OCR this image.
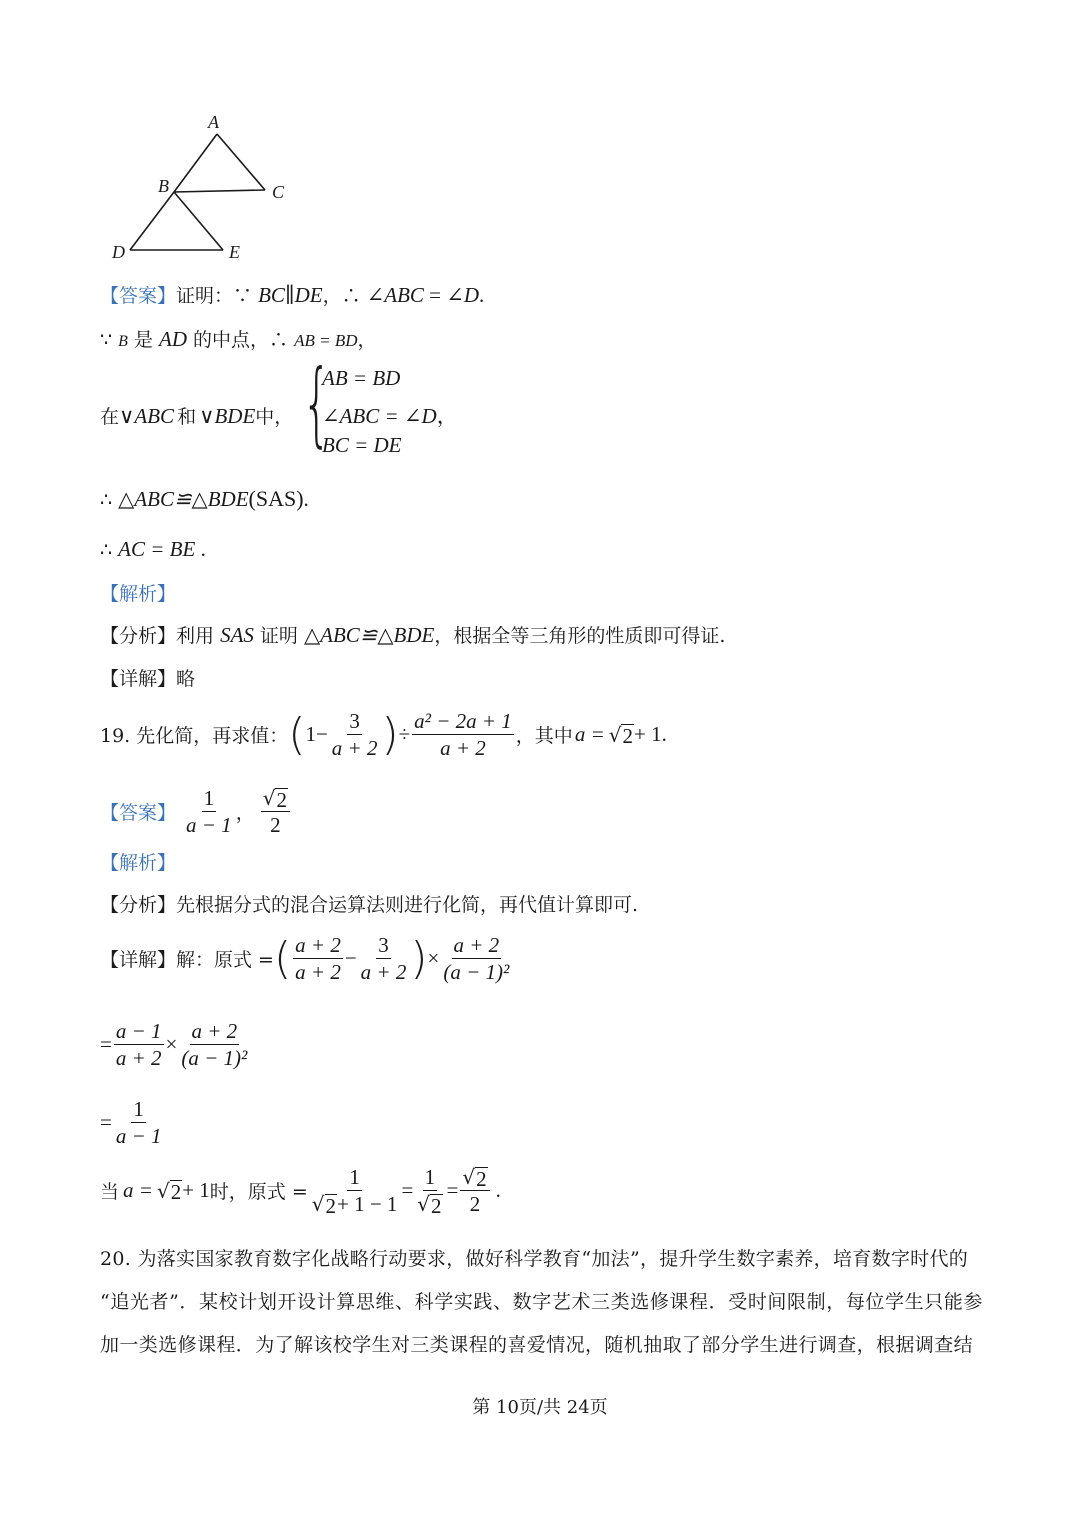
A
B	C
D	E
【答案】证明：∵ BC∥DE，∴ ∠ABC = ∠D.
∵ B 是 AD 的中点，∴ AB = BD，
在∨ABC 和 ∨BDE中， {
AB = BD
∠ABC = ∠D，
BC = DE
∴ △ABC≌△BDE(SAS).
∴ AC = BE .
【解析】
【分析】利用 SAS 证明 △ABC≌△BDE，根据全等三角形的性质即可得证.
【详解】略
19. 先化简，再求值： ( $1 - \frac{3}{a + 2}$ ) ÷ $\frac{\text{a² − 2a + 1}}{a + 2}$ ，其中 a = √ 2 + 1 .
【答案】 $\frac{1}{a - 1}$ ， $\frac{√ 2}{2}$
【解析】
【分析】先根据分式的混合运算法则进行化简，再代值计算即可.
【详解】 解：原式 = ( $\frac{a + 2}{a + 2} - \frac{3}{a + 2}$ ) × $\frac{a + 2}{\text{(a − 1)²}}$
= $\frac{a - 1}{a + 2} \times \frac{a + 2}{\text{(a − 1)²}}$
= $\frac{1}{a - 1}$
当 a = √ 2 + 1 时，原式 = $\frac{1}{√ 2 + 1 - 1} = \frac{1}{√ 2} = \frac{√ 2}{2}$ .
20. 为落实国家教育数字化战略行动要求，做好科学教育“加法”，提升学生数字素养，培育数字时代的
“追光者”．某校计划开设计算思维、科学实践、数字艺术三类选修课程．受时间限制，每位学生只能参
加一类选修课程．为了解该校学生对三类课程的喜爱情况，随机抽取了部分学生进行调查，根据调查结
第 10页/共 24页
